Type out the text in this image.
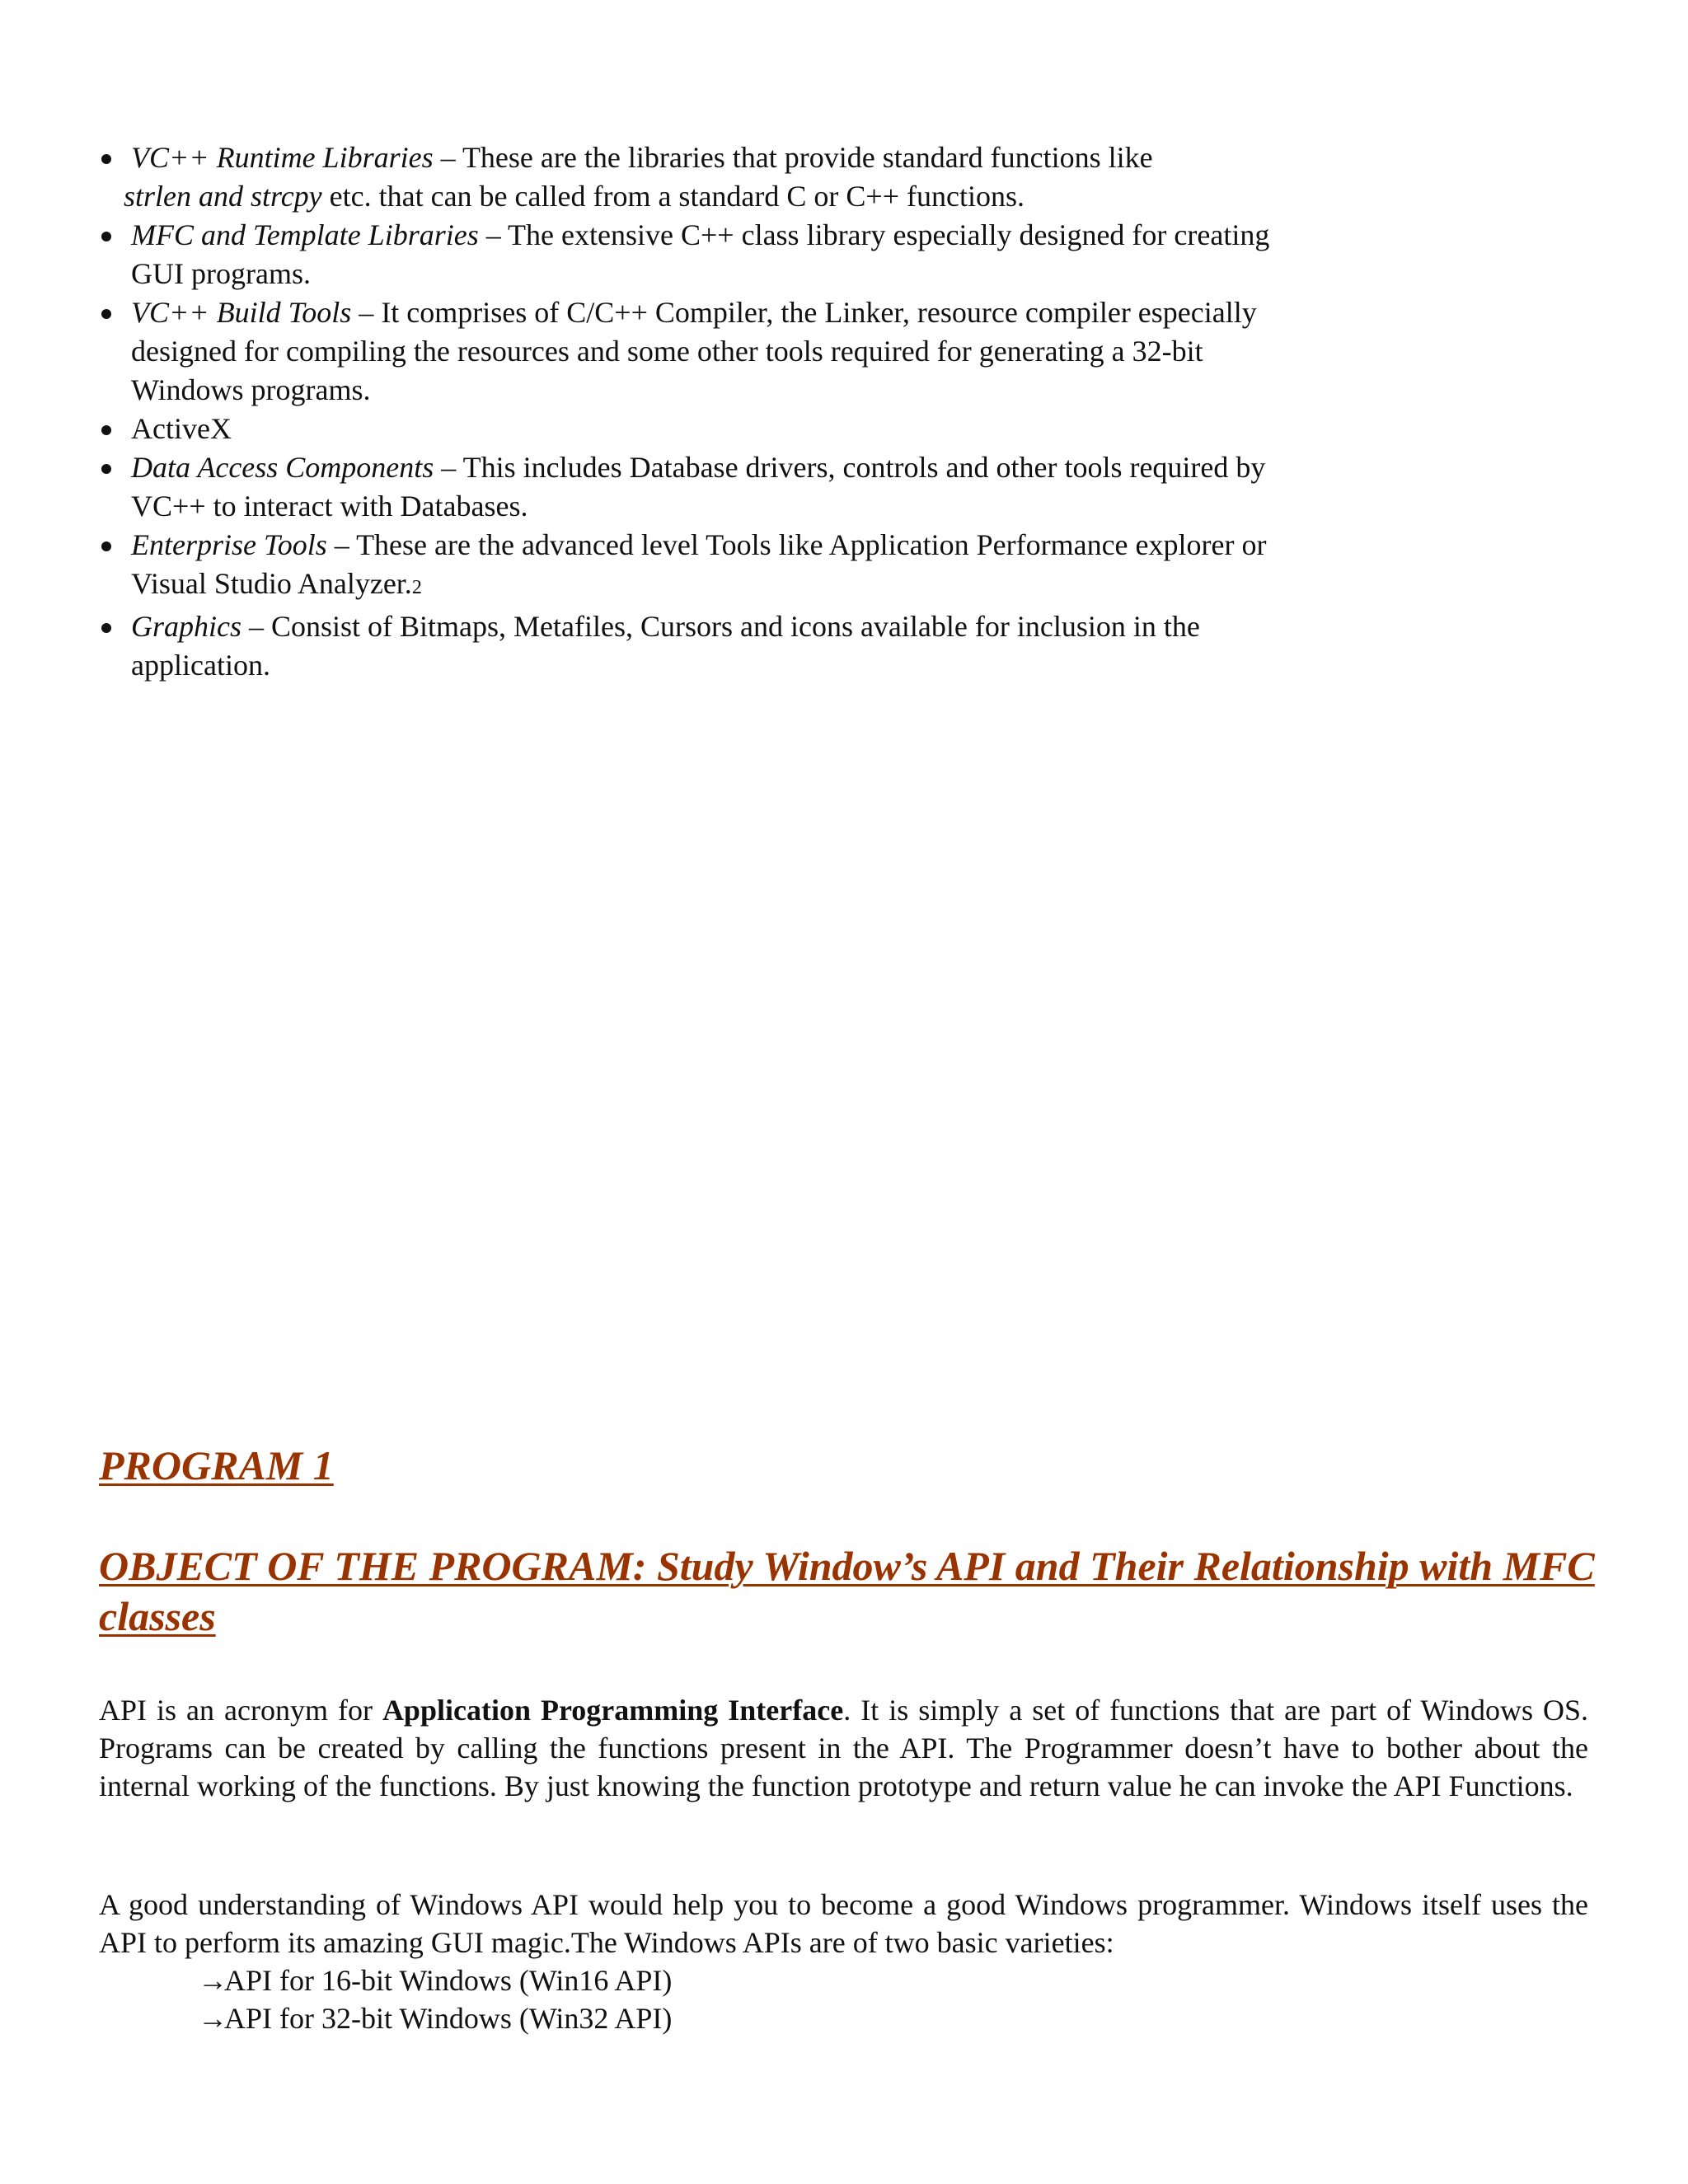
VC++ Runtime Libraries – These are the libraries that provide standard functions like
strlen and strcpy etc. that can be called from a standard C or C++ functions.
MFC and Template Libraries – The extensive C++ class library especially designed for creating GUI programs.
VC++ Build Tools – It comprises of C/C++ Compiler, the Linker, resource compiler especially designed for compiling the resources and some other tools required for generating a 32-bit Windows programs.
ActiveX
Data Access Components – This includes Database drivers, controls and other tools required by VC++ to interact with Databases.
Enterprise Tools – These are the advanced level Tools like Application Performance explorer or Visual Studio Analyzer.2
Graphics – Consist of Bitmaps, Metafiles, Cursors and icons available for inclusion in the application.
PROGRAM 1
OBJECT OF THE PROGRAM: Study Window’s API and Their Relationship with MFC classes

API is an acronym for Application Programming Interface. It is simply a set of functions that are part of Windows OS. Programs can be created by calling the functions present in the API. The Programmer doesn’t have to bother about the internal working of the functions. By just knowing the function prototype and return value he can invoke the API Functions.

A good understanding of Windows API would help you to become a good Windows programmer. Windows itself uses the API to perform its amazing GUI magic.The Windows APIs are of two basic varieties:

→API for 16-bit Windows (Win16 API)
→API for 32-bit Windows (Win32 API)
